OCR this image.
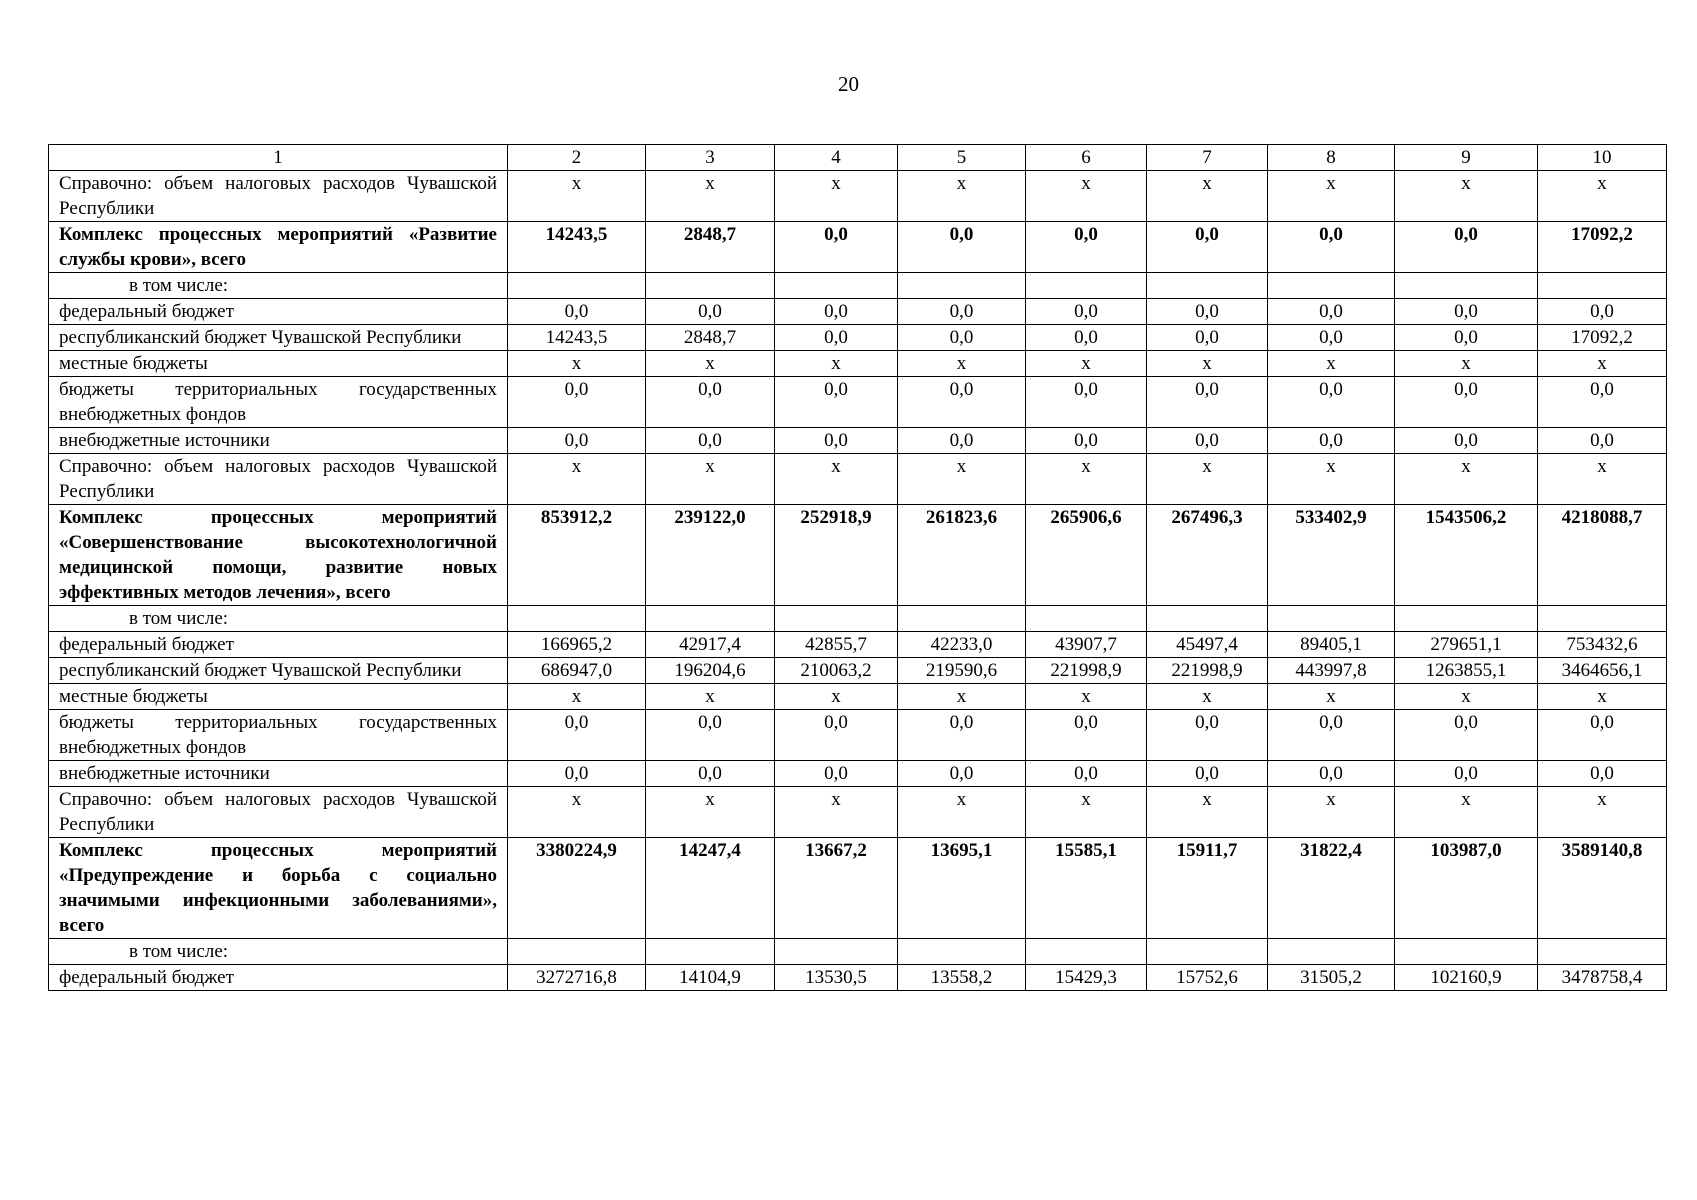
20
1	2	3	4	5	6	7	8	9	10
Справочно: объем налоговых расходов Чувашской Республики	х	х	х	х	х	х	х	х	х
Комплекс процессных мероприятий «Развитие службы крови», всего	14243,5	2848,7	0,0	0,0	0,0	0,0	0,0	0,0	17092,2
в том числе:									
федеральный бюджет	0,0	0,0	0,0	0,0	0,0	0,0	0,0	0,0	0,0
республиканский бюджет Чувашской Республики	14243,5	2848,7	0,0	0,0	0,0	0,0	0,0	0,0	17092,2
местные бюджеты	х	х	х	х	х	х	х	х	х
бюджеты территориальных государственных внебюджетных фондов	0,0	0,0	0,0	0,0	0,0	0,0	0,0	0,0	0,0
внебюджетные источники	0,0	0,0	0,0	0,0	0,0	0,0	0,0	0,0	0,0
Справочно: объем налоговых расходов Чувашской Республики	х	х	х	х	х	х	х	х	х
Комплекс процессных мероприятий «Совершенствование высокотехнологичной медицинской помощи, развитие новых эффективных методов лечения», всего	853912,2	239122,0	252918,9	261823,6	265906,6	267496,3	533402,9	1543506,2	4218088,7
в том числе:									
федеральный бюджет	166965,2	42917,4	42855,7	42233,0	43907,7	45497,4	89405,1	279651,1	753432,6
республиканский бюджет Чувашской Республики	686947,0	196204,6	210063,2	219590,6	221998,9	221998,9	443997,8	1263855,1	3464656,1
местные бюджеты	х	х	х	х	х	х	х	х	х
бюджеты территориальных государственных внебюджетных фондов	0,0	0,0	0,0	0,0	0,0	0,0	0,0	0,0	0,0
внебюджетные источники	0,0	0,0	0,0	0,0	0,0	0,0	0,0	0,0	0,0
Справочно: объем налоговых расходов Чувашской Республики	х	х	х	х	х	х	х	х	х
Комплекс процессных мероприятий «Предупреждение и борьба с социально значимыми инфекционными заболеваниями», всего	3380224,9	14247,4	13667,2	13695,1	15585,1	15911,7	31822,4	103987,0	3589140,8
в том числе:									
федеральный бюджет	3272716,8	14104,9	13530,5	13558,2	15429,3	15752,6	31505,2	102160,9	3478758,4
